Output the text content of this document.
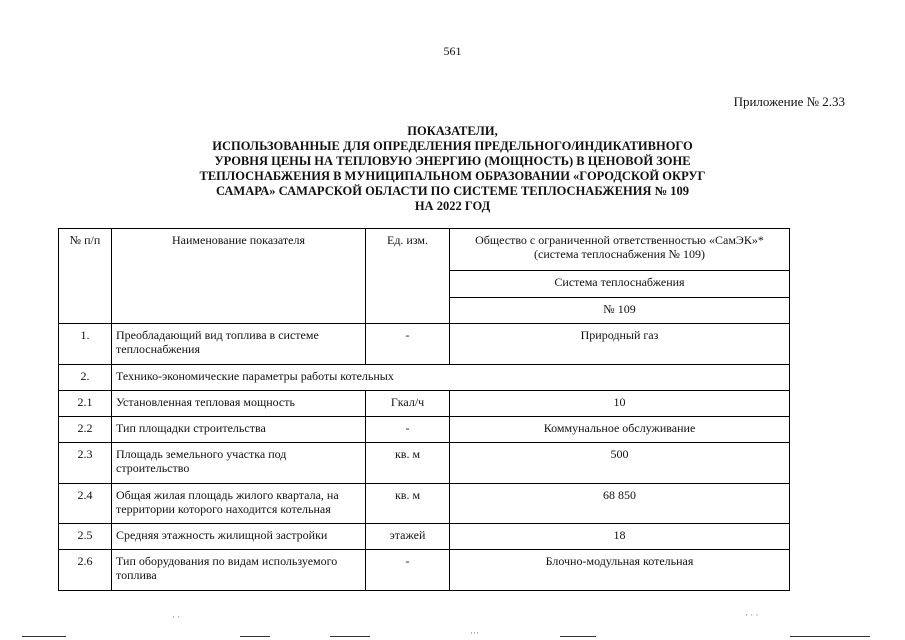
561
Приложение № 2.33
ПОКАЗАТЕЛИ,
ИСПОЛЬЗОВАННЫЕ ДЛЯ ОПРЕДЕЛЕНИЯ ПРЕДЕЛЬНОГО/ИНДИКАТИВНОГО
УРОВНЯ ЦЕНЫ НА ТЕПЛОВУЮ ЭНЕРГИЮ (МОЩНОСТЬ) В ЦЕНОВОЙ ЗОНЕ
ТЕПЛОСНАБЖЕНИЯ В МУНИЦИПАЛЬНОМ ОБРАЗОВАНИИ «ГОРОДСКОЙ ОКРУГ
САМАРА» САМАРСКОЙ ОБЛАСТИ ПО СИСТЕМЕ ТЕПЛОСНАБЖЕНИЯ № 109
НА 2022 ГОД
№ п/п	Наименование показателя	Ед. изм.	Общество с ограниченной ответственностью «СамЭК»* (система теплоснабжения № 109)
			Система теплоснабжения
			№ 109
1.	Преобладающий вид топлива в системе теплоснабжения	-	Природный газ
2.	Технико-экономические параметры работы котельных		
2.1	Установленная тепловая мощность	Гкал/ч	10
2.2	Тип площадки строительства	-	Коммунальное обслуживание
2.3	Площадь земельного участка под строительство	кв. м	500
2.4	Общая жилая площадь жилого квартала, на территории которого находится котельная	кв. м	68 850
2.5	Средняя этажность жилищной застройки	этажей	18
2.6	Тип оборудования по видам используемого топлива	-	Блочно-модульная котельная
· ·
···
· · ·
